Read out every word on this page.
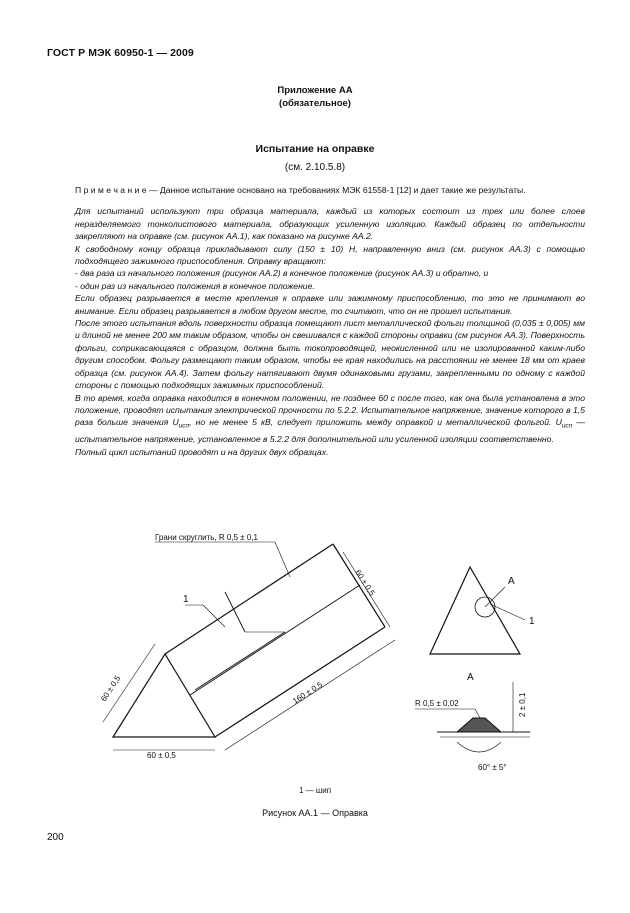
ГОСТ Р МЭК 60950-1 — 2009
Приложение АА
(обязательное)
Испытание на оправке
(см. 2.10.5.8)

П р и м е ч а н и е — Данное испытание основано на требованиях МЭК 61558-1 [12] и дает такие же результаты.

Для испытаний используют три образца материала, каждый из которых состоит из трех или более слоев неразделяемого тонколистового материала, образующих усиленную изоляцию. Каждый образец по отдельности закрепляют на оправке (см. рисунок АА.1), как показано на рисунке АА.2.

К свободному концу образца прикладывают силу (150 ± 10) Н, направленную вниз (см. рисунок АА.3) с помощью подходящего зажимного приспособления. Оправку вращают:

- два раза из начального положения (рисунок АА.2) в конечное положение (рисунок АА.3) и обратно, и

- один раз из начального положения в конечное положение.

Если образец разрывается в месте крепления к оправке или зажимному приспособлению, то это не принимают во внимание. Если образец разрывается в любом другом месте, то считают, что он не прошел испытания.

После этого испытания вдоль поверхности образца помещают лист металлической фольги толщиной (0,035 ± 0,005) мм и длиной не менее 200 мм таким образом, чтобы он свешивался с каждой стороны оправки (см рисунок АА.3). Поверхность фольги, соприкасающаяся с образцом, должна быть токопроводящей, неокисленной или не изолированной каким-либо другим способом. Фольгу размещают таким образом, чтобы ее края находились на расстоянии не менее 18 мм от краев образца (см. рисунок АА.4). Затем фольгу натягивают двумя одинаковыми грузами, закрепленными по одному с каждой стороны с помощью подходящих зажимных приспособлений.

В то время, когда оправка находится в конечном положении, не позднее 60 с после того, как она была установлена в это положение, проводят испытания электрической прочности по 5.2.2. Испытательное напряжение, значение которого в 1,5 раза больше значения $U_{исп}$, но не менее 5 кВ, следует приложить между оправкой и металлической фольгой. $U_{исп}$ — испытательное напряжение, установленное в 5.2.2 для дополнительной или усиленной изоляции соответственно.

Полный цикл испытаний проводят и на других двух образцах.

Грани скруглить, R 0,5 ± 0,1
60 ± 0,5
60 ± 0,5
60 ± 0,5
160 ± 0,5
1
A
1
A
R 0,5 ± 0,02	2 ± 0,1
60° ± 5°
1 — шип
Рисунок АА.1 — Оправка
200
